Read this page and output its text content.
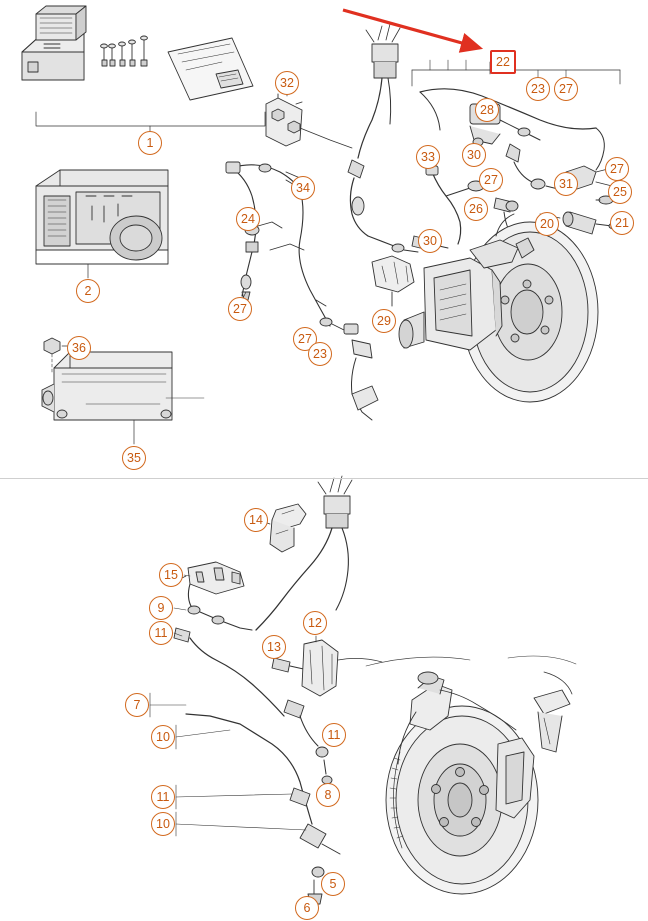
1
2
36
35
32
34
24
27
27
23
33
27
26
30
29
28
30
22
23	27
27
31
25
20	21
14
15
9
11
12
13
7
10	11
8
11
10
5
6
